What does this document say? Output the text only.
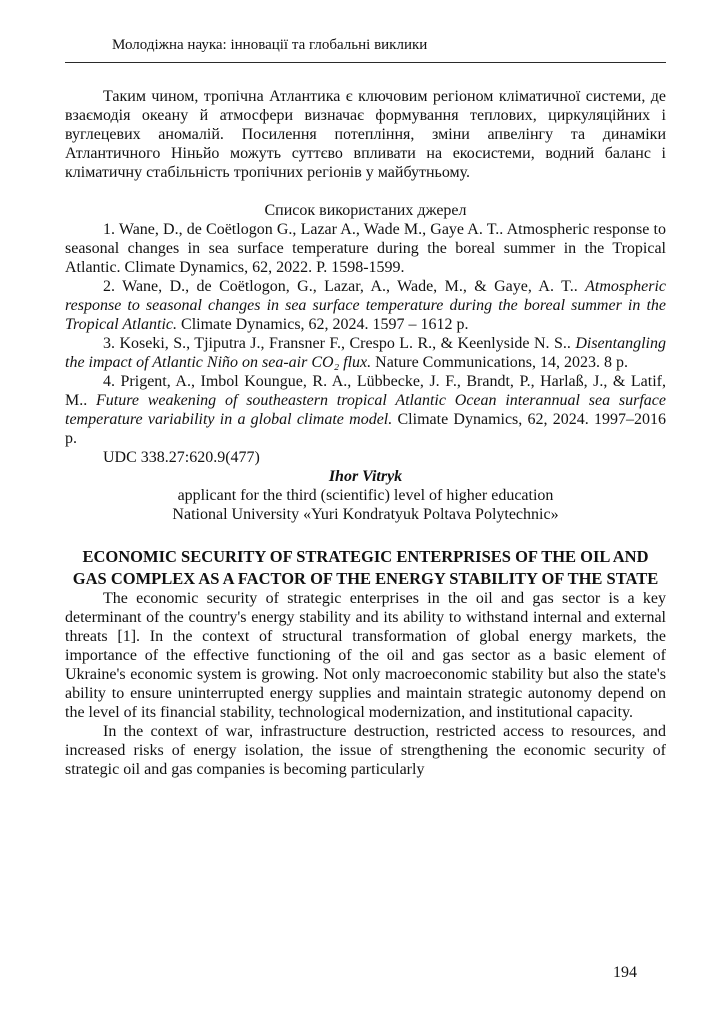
Молодіжна наука: інновації та глобальні виклики

Таким чином, тропічна Атлантика є ключовим регіоном кліматичної системи, де взаємодія океану й атмосфери визначає формування теплових, циркуляційних і вуглецевих аномалій. Посилення потепління, зміни апвелінгу та динаміки Атлантичного Ніньйо можуть суттєво впливати на екосистеми, водний баланс і кліматичну стабільність тропічних регіонів у майбутньому.

Список використаних джерел

1. Wane, D., de Coëtlogon G., Lazar A., Wade M., Gaye A. T.. Atmospheric response to seasonal changes in sea surface temperature during the boreal summer in the Tropical Atlantic. Climate Dynamics, 62, 2022. P. 1598-1599.

2. Wane, D., de Coëtlogon, G., Lazar, A., Wade, M., & Gaye, A. T.. Atmospheric response to seasonal changes in sea surface temperature during the boreal summer in the Tropical Atlantic. Climate Dynamics, 62, 2024. 1597 – 1612 p.

3. Koseki, S., Tjiputra J., Fransner F., Crespo L. R., & Keenlyside N. S.. Disentangling the impact of Atlantic Niño on sea-air CO₂ flux. Nature Communications, 14, 2023. 8 p.

4. Prigent, A., Imbol Koungue, R. A., Lübbecke, J. F., Brandt, P., Harlaß, J., & Latif, M.. Future weakening of southeastern tropical Atlantic Ocean interannual sea surface temperature variability in a global climate model. Climate Dynamics, 62, 2024. 1997–2016 p.

UDC 338.27:620.9(477)

Ihor Vitryk
applicant for the third (scientific) level of higher education
National University «Yuri Kondratyuk Poltava Polytechnic»
ECONOMIC SECURITY OF STRATEGIC ENTERPRISES OF THE OIL AND GAS COMPLEX AS A FACTOR OF THE ENERGY STABILITY OF THE STATE

The economic security of strategic enterprises in the oil and gas sector is a key determinant of the country's energy stability and its ability to withstand internal and external threats [1]. In the context of structural transformation of global energy markets, the importance of the effective functioning of the oil and gas sector as a basic element of Ukraine's economic system is growing. Not only macroeconomic stability but also the state's ability to ensure uninterrupted energy supplies and maintain strategic autonomy depend on the level of its financial stability, technological modernization, and institutional capacity.

In the context of war, infrastructure destruction, restricted access to resources, and increased risks of energy isolation, the issue of strengthening the economic security of strategic oil and gas companies is becoming particularly

194
